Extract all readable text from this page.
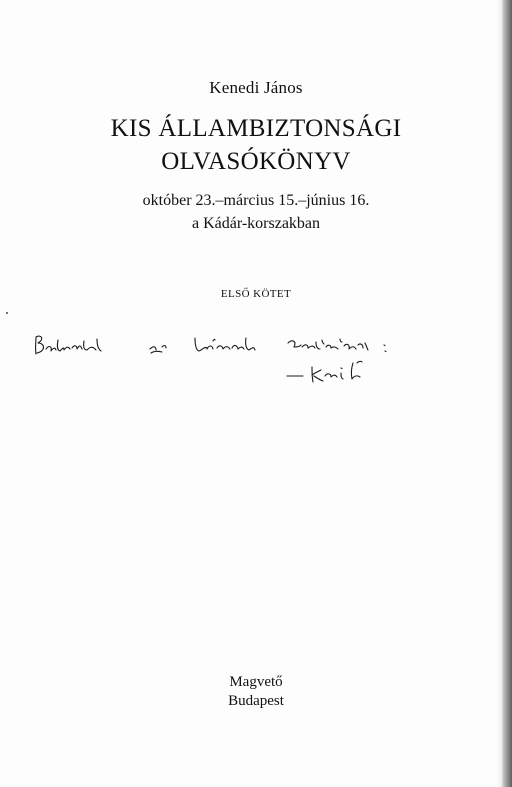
Kenedi János
KIS ÁLLAMBIZTONSÁGI
OLVASÓKÖNYV
október 23.–március 15.–június 16.
a Kádár-korszakban
ELSŐ KÖTET
Magvető
Budapest
